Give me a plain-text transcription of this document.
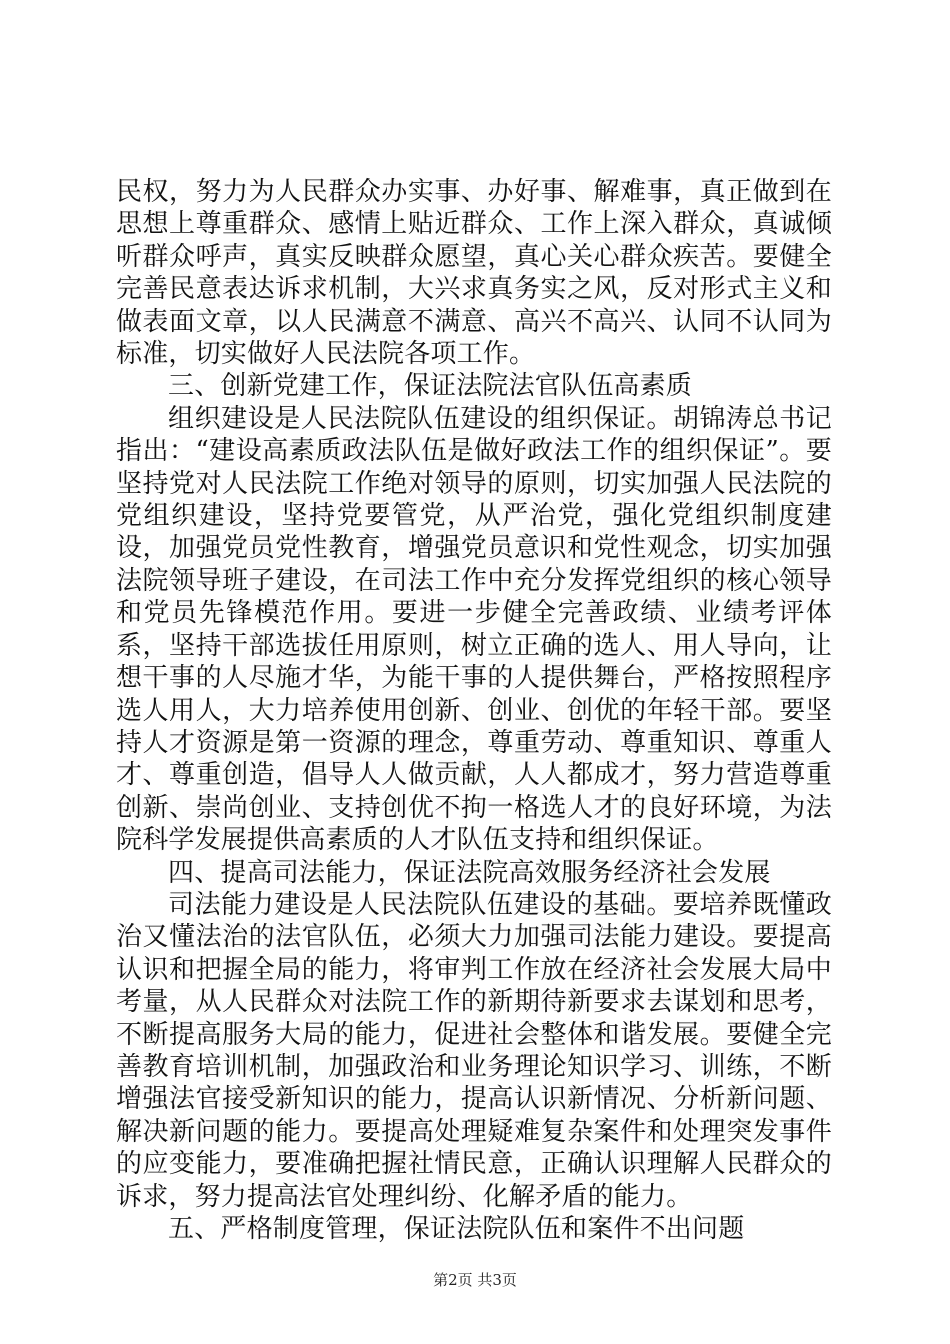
民权，努力为人民群众办实事、办好事、解难事，真正做到在思想上尊重群众、感情上贴近群众、工作上深入群众，真诚倾听群众呼声，真实反映群众愿望，真心关心群众疾苦。要健全完善民意表达诉求机制，大兴求真务实之风，反对形式主义和做表面文章，以人民满意不满意、高兴不高兴、认同不认同为标准，切实做好人民法院各项工作。

三、创新党建工作，保证法院法官队伍高素质

组织建设是人民法院队伍建设的组织保证。胡锦涛总书记指出：“建设高素质政法队伍是做好政法工作的组织保证”。要坚持党对人民法院工作绝对领导的原则，切实加强人民法院的党组织建设，坚持党要管党，从严治党，强化党组织制度建设，加强党员党性教育，增强党员意识和党性观念，切实加强法院领导班子建设，在司法工作中充分发挥党组织的核心领导和党员先锋模范作用。要进一步健全完善政绩、业绩考评体系，坚持干部选拔任用原则，树立正确的选人、用人导向，让想干事的人尽施才华，为能干事的人提供舞台，严格按照程序选人用人，大力培养使用创新、创业、创优的年轻干部。要坚持人才资源是第一资源的理念，尊重劳动、尊重知识、尊重人才、尊重创造，倡导人人做贡献，人人都成才，努力营造尊重创新、崇尚创业、支持创优不拘一格选人才的良好环境，为法院科学发展提供高素质的人才队伍支持和组织保证。

四、提高司法能力，保证法院高效服务经济社会发展

司法能力建设是人民法院队伍建设的基础。要培养既懂政治又懂法治的法官队伍，必须大力加强司法能力建设。要提高认识和把握全局的能力，将审判工作放在经济社会发展大局中考量，从人民群众对法院工作的新期待新要求去谋划和思考，不断提高服务大局的能力，促进社会整体和谐发展。要健全完善教育培训机制，加强政治和业务理论知识学习、训练，不断增强法官接受新知识的能力，提高认识新情况、分析新问题、解决新问题的能力。要提高处理疑难复杂案件和处理突发事件的应变能力，要准确把握社情民意，正确认识理解人民群众的诉求，努力提高法官处理纠纷、化解矛盾的能力。

五、严格制度管理，保证法院队伍和案件不出问题

第2页 共3页
